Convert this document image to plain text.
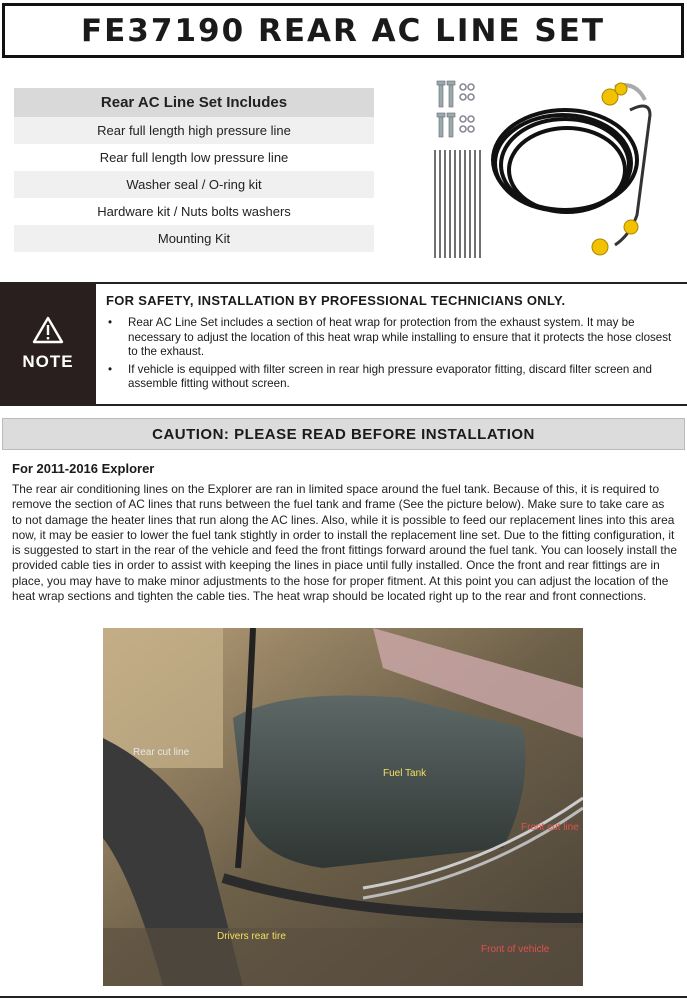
FE37190 REAR AC LINE SET
Rear AC Line Set Includes
Rear full length high pressure line
Rear full length low pressure line
Washer seal / O-ring kit
Hardware kit / Nuts bolts washers
Mounting Kit
NOTE
FOR SAFETY, INSTALLATION BY PROFESSIONAL TECHNICIANS ONLY.
• Rear AC Line Set includes a section of heat wrap for protection from the exhaust system. It may be necessary to adjust the location of this heat wrap while installing to ensure that it protects the hose closest to the exhaust.
• If vehicle is equipped with filter screen in rear high pressure evaporator fitting, discard filter screen and assemble fitting without screen.
CAUTION: PLEASE READ BEFORE INSTALLATION
For 2011-2016 Explorer

The rear air conditioning lines on the Explorer are ran in limited space around the fuel tank. Because of this, it is required to remove the section of AC lines that runs between the fuel tank and frame (See the picture below). Make sure to take care as to not damage the heater lines that run along the AC lines. Also, while it is possible to feed our replacement lines into this area now, it may be easier to lower the fuel tank stightly in order to install the replacement line set. Due to the fitting configuration, it is suggested to start in the rear of the vehicle and feed the front fittings forward around the fuel tank. You can loosely install the provided cable ties in order to assist with keeping the lines in piace until fully installed. Once the front and rear fittings are in place, you may have to make minor adjustments to the hose for proper fitment. At this point you can adjust the location of the heat wrap sections and tighten the cable ties. The heat wrap should be located right up to the rear and front connections.

Rear cut line
Fuel Tank
Front cut line
Drivers rear tire
Front of vehicle
